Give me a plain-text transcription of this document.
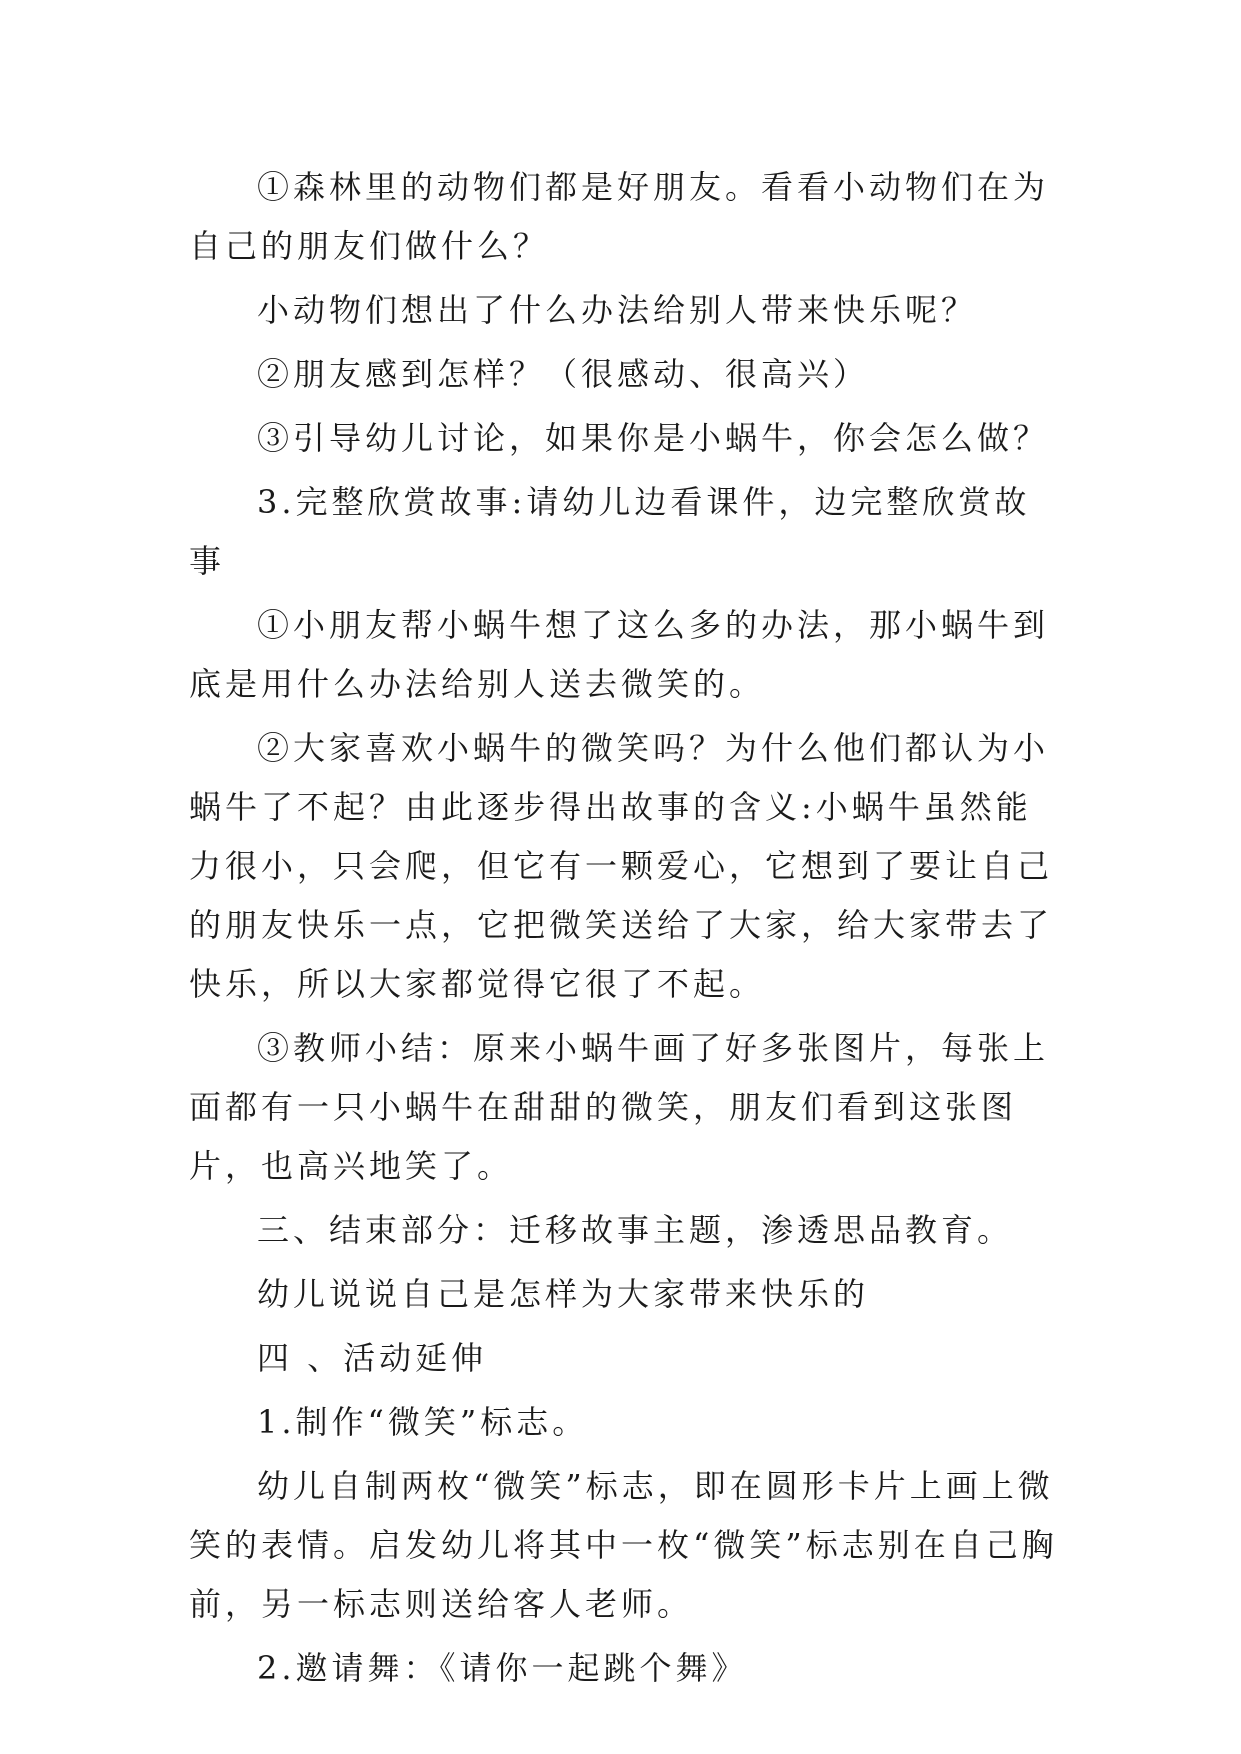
①森林里的动物们都是好朋友。看看小动物们在为自己的朋友们做什么？

小动物们想出了什么办法给别人带来快乐呢？

②朋友感到怎样？（很感动、很高兴）

③引导幼儿讨论，如果你是小蜗牛，你会怎么做？

3.完整欣赏故事:请幼儿边看课件，边完整欣赏故事

①小朋友帮小蜗牛想了这么多的办法，那小蜗牛到底是用什么办法给别人送去微笑的。

②大家喜欢小蜗牛的微笑吗？为什么他们都认为小蜗牛了不起？由此逐步得出故事的含义:小蜗牛虽然能力很小，只会爬，但它有一颗爱心，它想到了要让自己的朋友快乐一点，它把微笑送给了大家，给大家带去了快乐，所以大家都觉得它很了不起。

③教师小结：原来小蜗牛画了好多张图片，每张上面都有一只小蜗牛在甜甜的微笑，朋友们看到这张图片，也高兴地笑了。

三、结束部分：迁移故事主题，渗透思品教育。

幼儿说说自己是怎样为大家带来快乐的

四 、活动延伸

1.制作“微笑”标志。

幼儿自制两枚“微笑”标志，即在圆形卡片上画上微笑的表情。启发幼儿将其中一枚“微笑”标志别在自己胸前，另一标志则送给客人老师。

2.邀请舞：《请你一起跳个舞》
